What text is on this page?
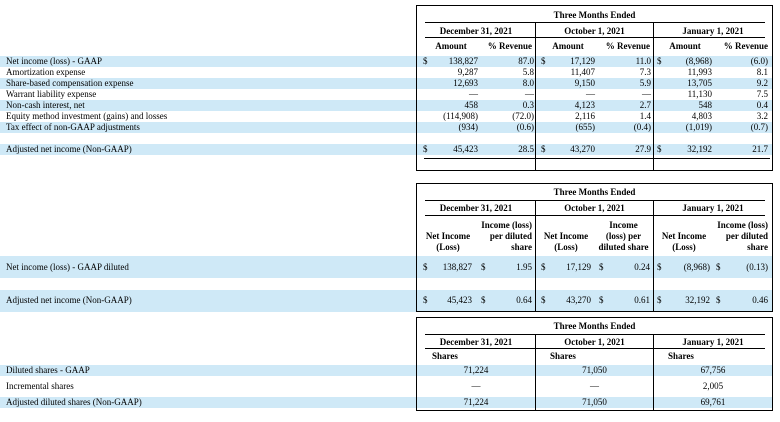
Three Months Ended
December 31, 2021	October 1, 2021	January 1, 2021
Amount	% Revenue	Amount	% Revenue	Amount	% Revenue
Net income (loss) - GAAP	$	138,827	87.0 $	17,129	11.0 $	(8,968)	(6.0)
Amortization expense	9,287	5.8	11,407	7.3	11,993	8.1
Share-based compensation expense	12,693	8.0	9,150	5.9	13,705	9.2
Warrant liability expense	—	—	—	—	11,130	7.5
Non-cash interest, net	458	0.3	4,123	2.7	548	0.4
Equity method investment (gains) and losses	(114,908)	(72.0)	2,116	1.4	4,803	3.2
Tax effect of non-GAAP adjustments	(934)	(0.6)	(655)	(0.4)	(1,019)	(0.7)
Adjusted net income (Non-GAAP)	$	45,423	28.5 $	43,270	27.9 $	32,192	21.7
Three Months Ended
December 31, 2021	October 1, 2021	January 1, 2021
Net Income
(Loss)
Income (loss)
per diluted
share
Net Income
(Loss)
Income
(loss) per
diluted share
Net Income
(Loss)
Income (loss)
per diluted
share
Net income (loss) - GAAP diluted	$	138,827 $	1.95 $	17,129 $	0.24 $	(8,968) $	(0.13)
Adjusted net income (Non-GAAP)	$	45,423 $	0.64 $	43,270 $	0.61 $	32,192 $	0.46
Three Months Ended
December 31, 2021	October 1, 2021	January 1, 2021
Shares	Shares	Shares
Diluted shares - GAAP	71,224	71,050	67,756
Incremental shares	—	—	2,005
Adjusted diluted shares (Non-GAAP)	71,224	71,050	69,761
